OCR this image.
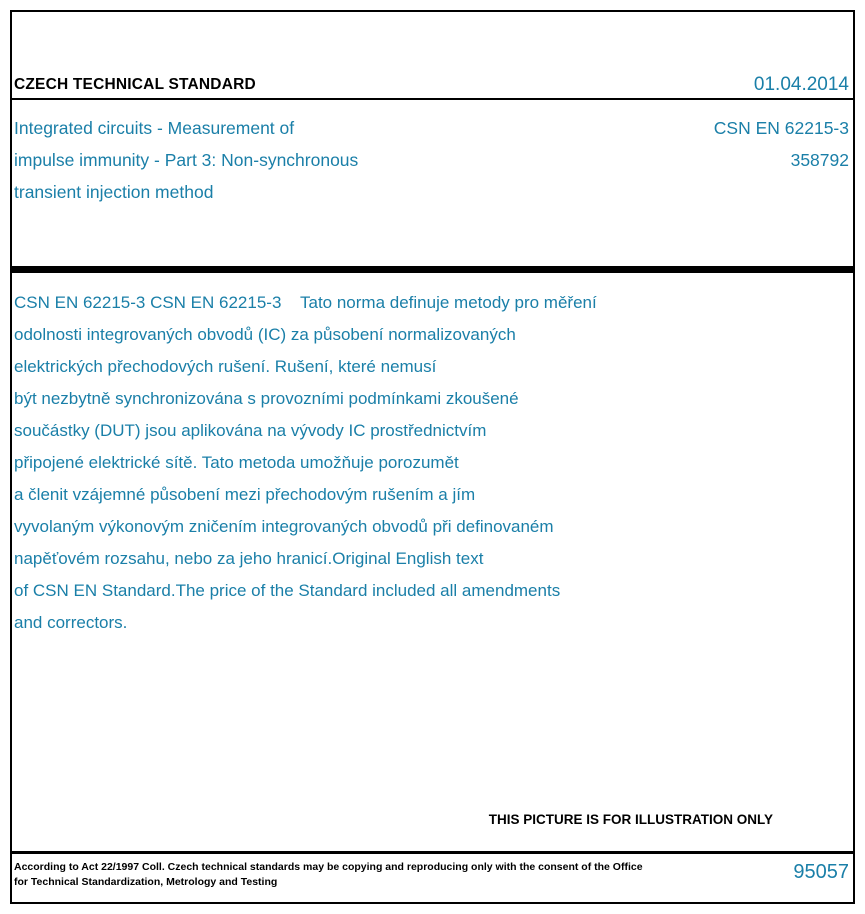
CZECH TECHNICAL STANDARD	01.04.2014
Integrated circuits - Measurement of
impulse immunity - Part 3: Non-synchronous
transient injection method
CSN EN 62215-3
358792
CSN EN 62215-3 CSN EN 62215-3    Tato norma definuje metody pro měření
odolnosti integrovaných obvodů (IC) za působení normalizovaných
elektrických přechodových rušení. Rušení, které nemusí
být nezbytně synchronizována s provozními podmínkami zkoušené
součástky (DUT) jsou aplikována na vývody IC prostřednictvím
připojené elektrické sítě. Tato metoda umožňuje porozumět
a členit vzájemné působení mezi přechodovým rušením a jím
vyvolaným výkonovým zničením integrovaných obvodů při definovaném
napěťovém rozsahu, nebo za jeho hranicí.Original English text
of CSN EN Standard.The price of the Standard included all amendments
and correctors.
THIS PICTURE IS FOR ILLUSTRATION ONLY
According to Act 22/1997 Coll. Czech technical standards may be copying and reproducing only with the consent of the Office
for Technical Standardization, Metrology and Testing	95057
